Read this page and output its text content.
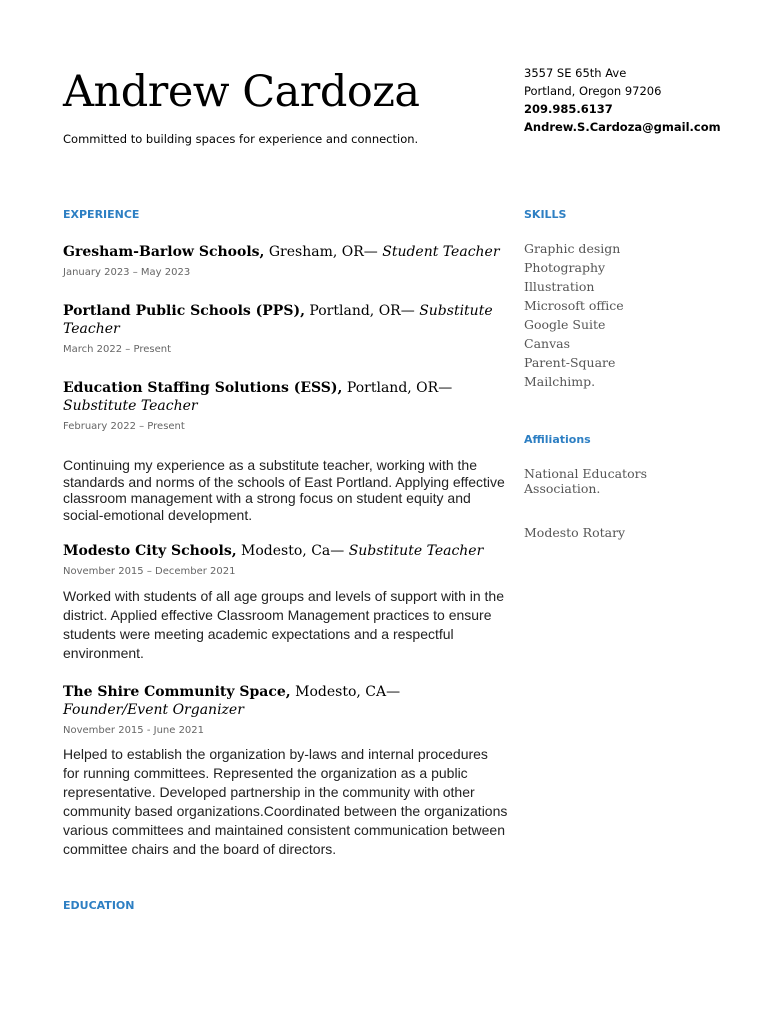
Andrew Cardoza

Committed to building spaces for experience and connection.

3557 SE 65th Ave
Portland, Oregon 97206
209.985.6137
Andrew.S.Cardoza@gmail.com
EXPERIENCE	SKILLS
Affiliations
EDUCATION
Gresham-Barlow Schools, Gresham, OR— Student Teacher
January 2023 – May 2023
Portland Public Schools (PPS), Portland, OR— Substitute Teacher
March 2022 – Present
Education Staffing Solutions (ESS), Portland, OR— Substitute Teacher
February 2022 – Present

Continuing my experience as a substitute teacher, working with the standards and norms of the schools of East Portland. Applying effective classroom management with a strong focus on student equity and social-emotional development.

Modesto City Schools, Modesto, Ca— Substitute Teacher
November 2015 – December 2021

Worked with students of all age groups and levels of support with in the district. Applied effective Classroom Management practices to ensure students were meeting academic expectations and a respectful environment.

The Shire Community Space, Modesto, CA— Founder/Event Organizer
November 2015 - June 2021

Helped to establish the organization by-laws and internal procedures for running committees. Represented the organization as a public representative. Developed partnership in the community with other community based organizations.Coordinated between the organizations various committees and maintained consistent communication between committee chairs and the board of directors.

Graphic design
Photography
Illustration
Microsoft office
Google Suite
Canvas
Parent-Square
Mailchimp.
National Educators Association.
Modesto Rotary
